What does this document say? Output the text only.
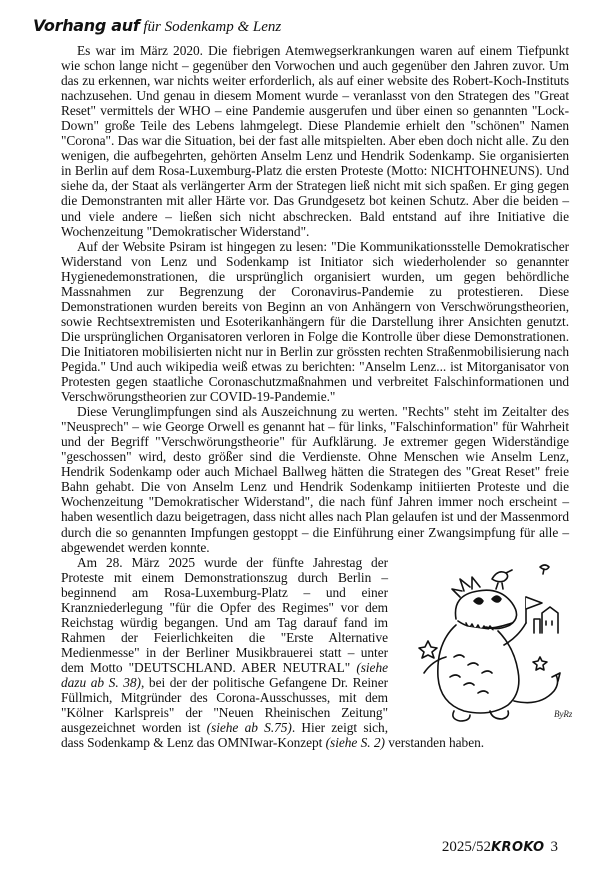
Vorhang auf für Sodenkamp & Lenz

Es war im März 2020. Die fiebrigen Atemwegserkrankungen waren auf einem Tiefpunkt wie schon lange nicht – gegenüber den Vorwochen und auch gegenüber den Jahren zuvor. Um das zu erkennen, war nichts weiter erforderlich, als auf einer website des Robert-Koch-Instituts nachzusehen. Und genau in diesem Moment wurde – veranlasst von den Strategen des "Great Reset" vermittels der WHO – eine Pandemie ausgerufen und über einen so genannten "Lock-Down" große Teile des Lebens lahmgelegt. Diese Plandemie erhielt den "schönen" Namen "Corona". Das war die Situation, bei der fast alle mitspielten. Aber eben doch nicht alle. Zu den wenigen, die aufbegehrten, gehörten Anselm Lenz und Hendrik Sodenkamp. Sie organisierten in Berlin auf dem Rosa-Luxemburg-Platz die ersten Proteste (Motto: NICHTOHNEUNS). Und siehe da, der Staat als verlängerter Arm der Strategen ließ nicht mit sich spaßen. Er ging gegen die Demonstranten mit aller Härte vor. Das Grundgesetz bot keinen Schutz. Aber die beiden – und viele andere – ließen sich nicht abschrecken. Bald entstand auf ihre Initiative die Wochenzeitung "Demokratischer Widerstand".

Auf der Website Psiram ist hingegen zu lesen: "Die Kommunikationsstelle Demokratischer Widerstand von Lenz und Sodenkamp ist Initiator sich wiederholender so genannter Hygienedemonstrationen, die ursprünglich organisiert wurden, um gegen behördliche Massnahmen zur Begrenzung der Coronavirus-Pandemie zu protestieren. Diese Demonstrationen wurden bereits von Beginn an von Anhängern von Verschwörungstheorien, sowie Rechtsextremisten und Esoterikanhängern für die Darstellung ihrer Ansichten genutzt. Die ursprünglichen Organisatoren verloren in Folge die Kontrolle über diese Demonstrationen. Die Initiatoren mobilisierten nicht nur in Berlin zur grössten rechten Straßenmobilisierung nach Pegida." Und auch wikipedia weiß etwas zu berichten: "Anselm Lenz... ist Mitorganisator von Protesten gegen staatliche Coronaschutzmaßnahmen und verbreitet Falschinformationen und Verschwörungstheorien zur COVID-19-Pandemie."

Diese Verunglimpfungen sind als Auszeichnung zu werten. "Rechts" steht im Zeitalter des "Neusprech" – wie George Orwell es genannt hat – für links, "Falschinformation" für Wahrheit und der Begriff "Verschwörungstheorie" für Aufklärung. Je extremer gegen Widerständige "geschossen" wird, desto größer sind die Verdienste. Ohne Menschen wie Anselm Lenz, Hendrik Sodenkamp oder auch Michael Ballweg hätten die Strategen des "Great Reset" freie Bahn gehabt. Die von Anselm Lenz und Hendrik Sodenkamp initiierten Proteste und die Wochenzeitung "Demokratischer Widerstand", die nach fünf Jahren immer noch erscheint – haben wesentlich dazu beigetragen, dass nicht alles nach Plan gelaufen ist und der Massenmord durch die so genannten Impfungen gestoppt – die Einführung einer Zwangsimpfung für alle – abgewendet werden konnte.

ByRz
Am 28. März 2025 wurde der fünfte Jahrestag der Proteste mit einem Demonstrationszug durch Berlin – beginnend am Rosa-Luxemburg-Platz – und einer Kranzniederlegung "für die Opfer des Regimes" vor dem Reichstag würdig begangen. Und am Tag darauf fand im Rahmen der Feierlichkeiten die "Erste Alternative Medienmesse" in der Berliner Musikbrauerei statt – unter dem Motto "DEUTSCHLAND. ABER NEUTRAL" (siehe dazu ab S. 38), bei der der politische Gefangene Dr. Reiner Füllmich, Mitgründer des Corona-Ausschusses, mit dem "Kölner Karlspreis" der "Neuen Rheinischen Zeitung" ausgezeichnet worden ist (siehe ab S.75). Hier zeigt sich, dass Sodenkamp & Lenz das OMNIwar-Konzept (siehe S. 2) verstanden haben.

2025/52KROKO 3
